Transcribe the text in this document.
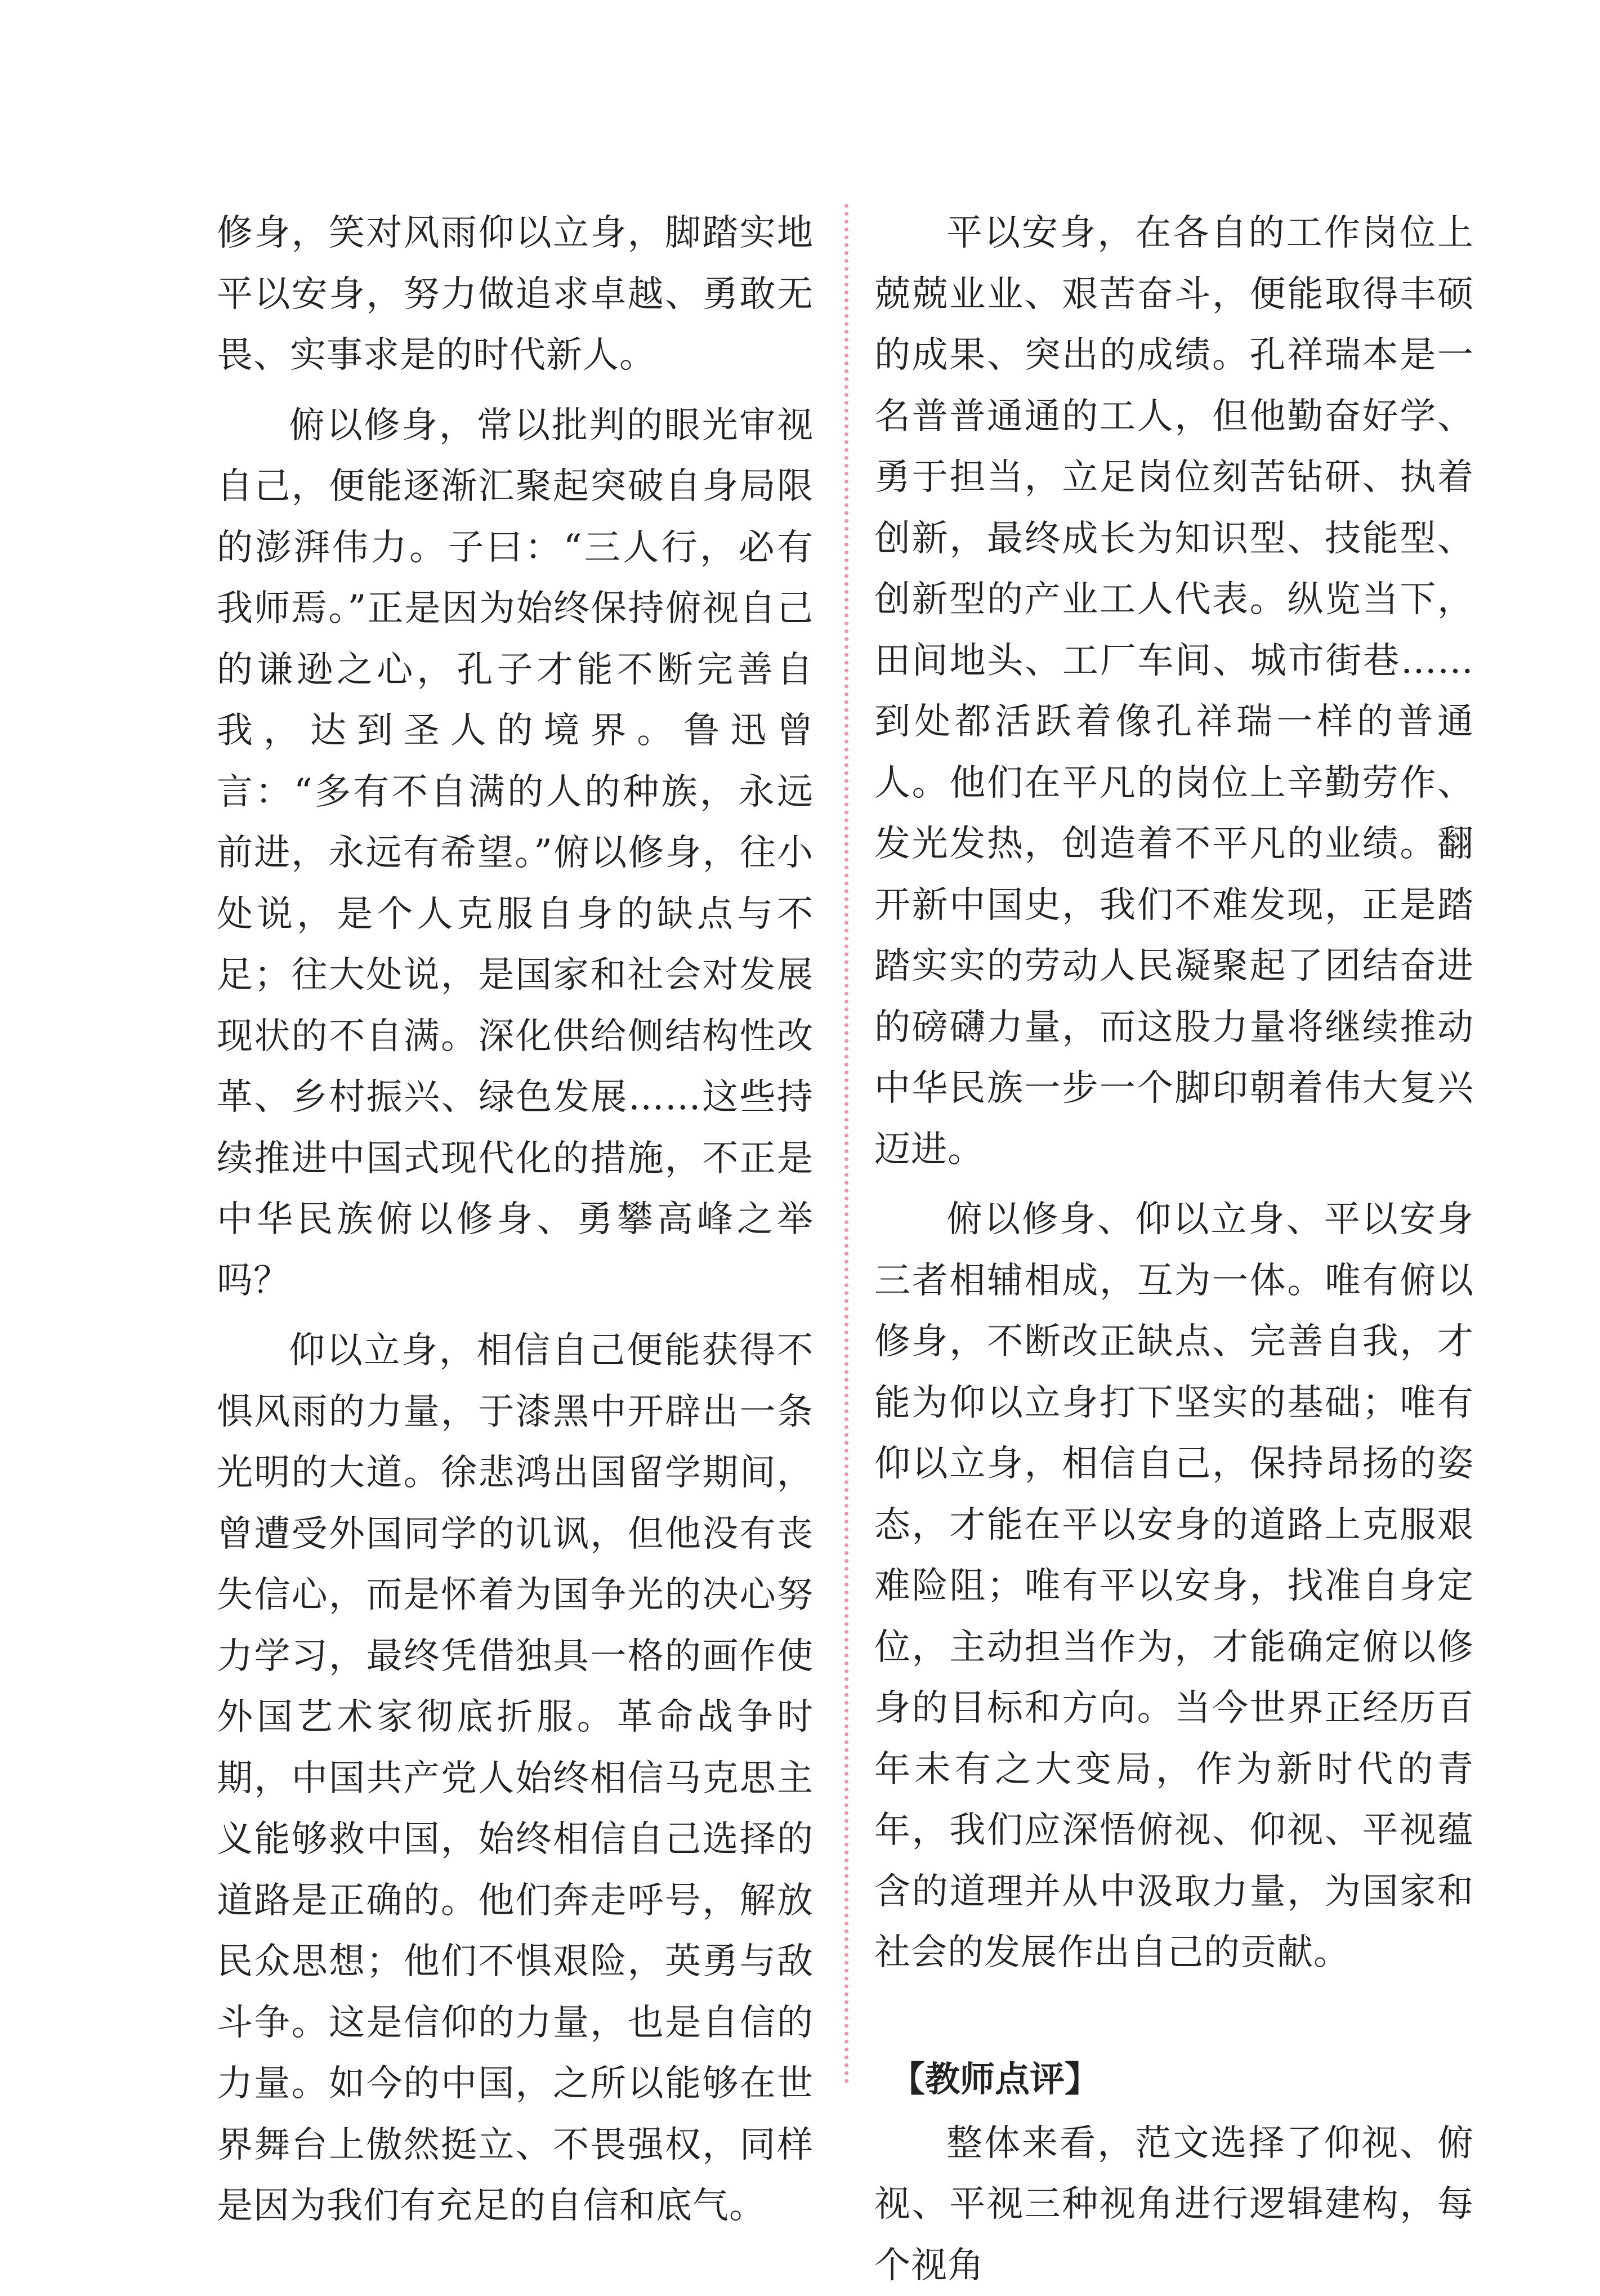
修身，笑对风雨仰以立身，脚踏实地平以安身，努力做追求卓越、勇敢无畏、实事求是的时代新人。

俯以修身，常以批判的眼光审视自己，便能逐渐汇聚起突破自身局限的澎湃伟力。子曰：“三人行，必有我师焉。”正是因为始终保持俯视自己的谦逊之心，孔子才能不断完善自我，达到圣人的境界。鲁迅曾言：“多有不自满的人的种族，永远前进，永远有希望。”俯以修身，往小处说，是个人克服自身的缺点与不足；往大处说，是国家和社会对发展现状的不自满。深化供给侧结构性改革、乡村振兴、绿色发展……这些持续推进中国式现代化的措施，不正是中华民族俯以修身、勇攀高峰之举吗？

仰以立身，相信自己便能获得不惧风雨的力量，于漆黑中开辟出一条光明的大道。徐悲鸿出国留学期间，曾遭受外国同学的讥讽，但他没有丧失信心，而是怀着为国争光的决心努力学习，最终凭借独具一格的画作使外国艺术家彻底折服。革命战争时期，中国共产党人始终相信马克思主义能够救中国，始终相信自己选择的道路是正确的。他们奔走呼号，解放民众思想；他们不惧艰险，英勇与敌斗争。这是信仰的力量，也是自信的力量。如今的中国，之所以能够在世界舞台上傲然挺立、不畏强权，同样是因为我们有充足的自信和底气。

平以安身，在各自的工作岗位上兢兢业业、艰苦奋斗，便能取得丰硕的成果、突出的成绩。孔祥瑞本是一名普普通通的工人，但他勤奋好学、勇于担当，立足岗位刻苦钻研、执着创新，最终成长为知识型、技能型、创新型的产业工人代表。纵览当下，田间地头、工厂车间、城市街巷……到处都活跃着像孔祥瑞一样的普通人。他们在平凡的岗位上辛勤劳作、发光发热，创造着不平凡的业绩。翻开新中国史，我们不难发现，正是踏踏实实的劳动人民凝聚起了团结奋进的磅礴力量，而这股力量将继续推动中华民族一步一个脚印朝着伟大复兴迈进。

俯以修身、仰以立身、平以安身三者相辅相成，互为一体。唯有俯以修身，不断改正缺点、完善自我，才能为仰以立身打下坚实的基础；唯有仰以立身，相信自己，保持昂扬的姿态，才能在平以安身的道路上克服艰难险阻；唯有平以安身，找准自身定位，主动担当作为，才能确定俯以修身的目标和方向。当今世界正经历百年未有之大变局，作为新时代的青年，我们应深悟俯视、仰视、平视蕴含的道理并从中汲取力量，为国家和社会的发展作出自己的贡献。

【教师点评】

整体来看，范文选择了仰视、俯视、平视三种视角进行逻辑建构，每个视角
